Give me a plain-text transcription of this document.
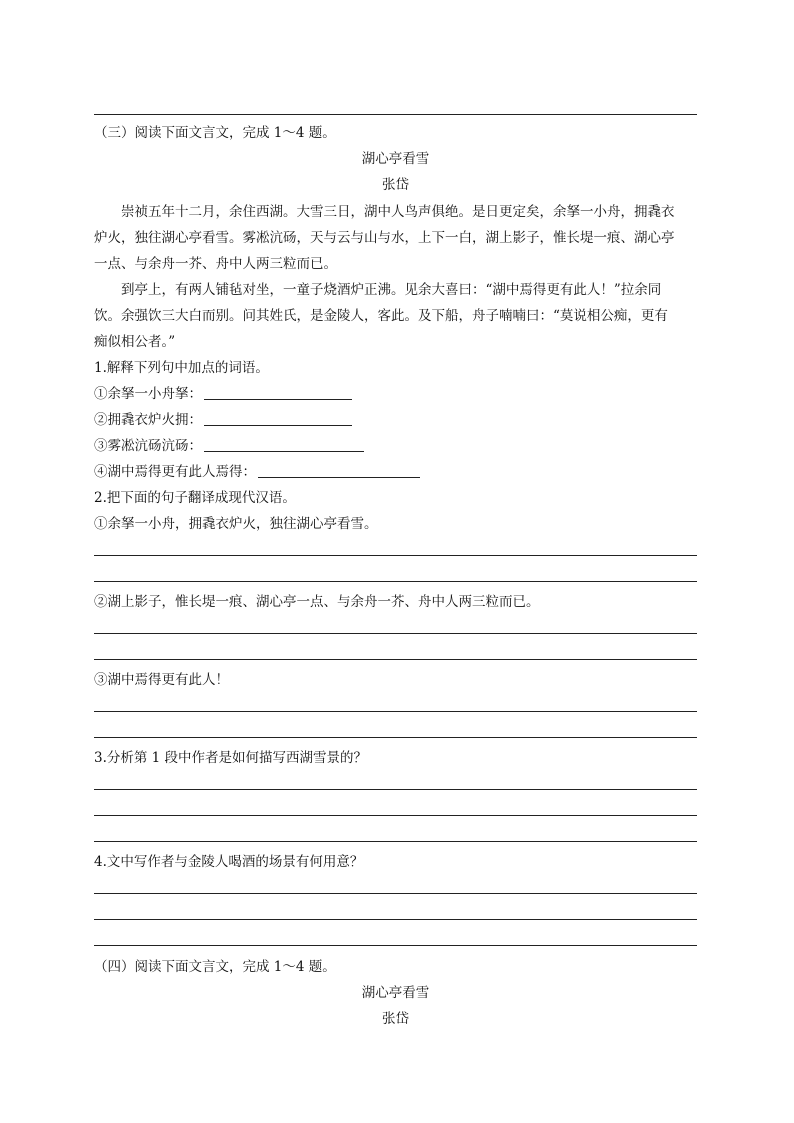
（三）阅读下面文言文，完成 1～4 题。
湖心亭看雪
张岱
崇祯五年十二月，余住西湖。大雪三日，湖中人鸟声俱绝。是日更定矣，余拏一小舟，拥毳衣
炉火，独往湖心亭看雪。雾凇沆砀，天与云与山与水，上下一白，湖上影子，惟长堤一痕、湖心亭
一点、与余舟一芥、舟中人两三粒而已。
到亭上，有两人铺毡对坐，一童子烧酒炉正沸。见余大喜曰：“湖中焉得更有此人！”拉余同
饮。余强饮三大白而别。问其姓氏，是金陵人，客此。及下船，舟子喃喃曰：“莫说相公痴，更有
痴似相公者。”
1.解释下列句中加点的词语。
①余拏一小舟拏：
②拥毳衣炉火拥：
③雾凇沆砀沆砀：
④湖中焉得更有此人焉得：
2.把下面的句子翻译成现代汉语。
①余拏一小舟，拥毳衣炉火，独往湖心亭看雪。
②湖上影子，惟长堤一痕、湖心亭一点、与余舟一芥、舟中人两三粒而已。
③湖中焉得更有此人！
3.分析第 1 段中作者是如何描写西湖雪景的？
4.文中写作者与金陵人喝酒的场景有何用意？
（四）阅读下面文言文，完成 1～4 题。
湖心亭看雪
张岱
